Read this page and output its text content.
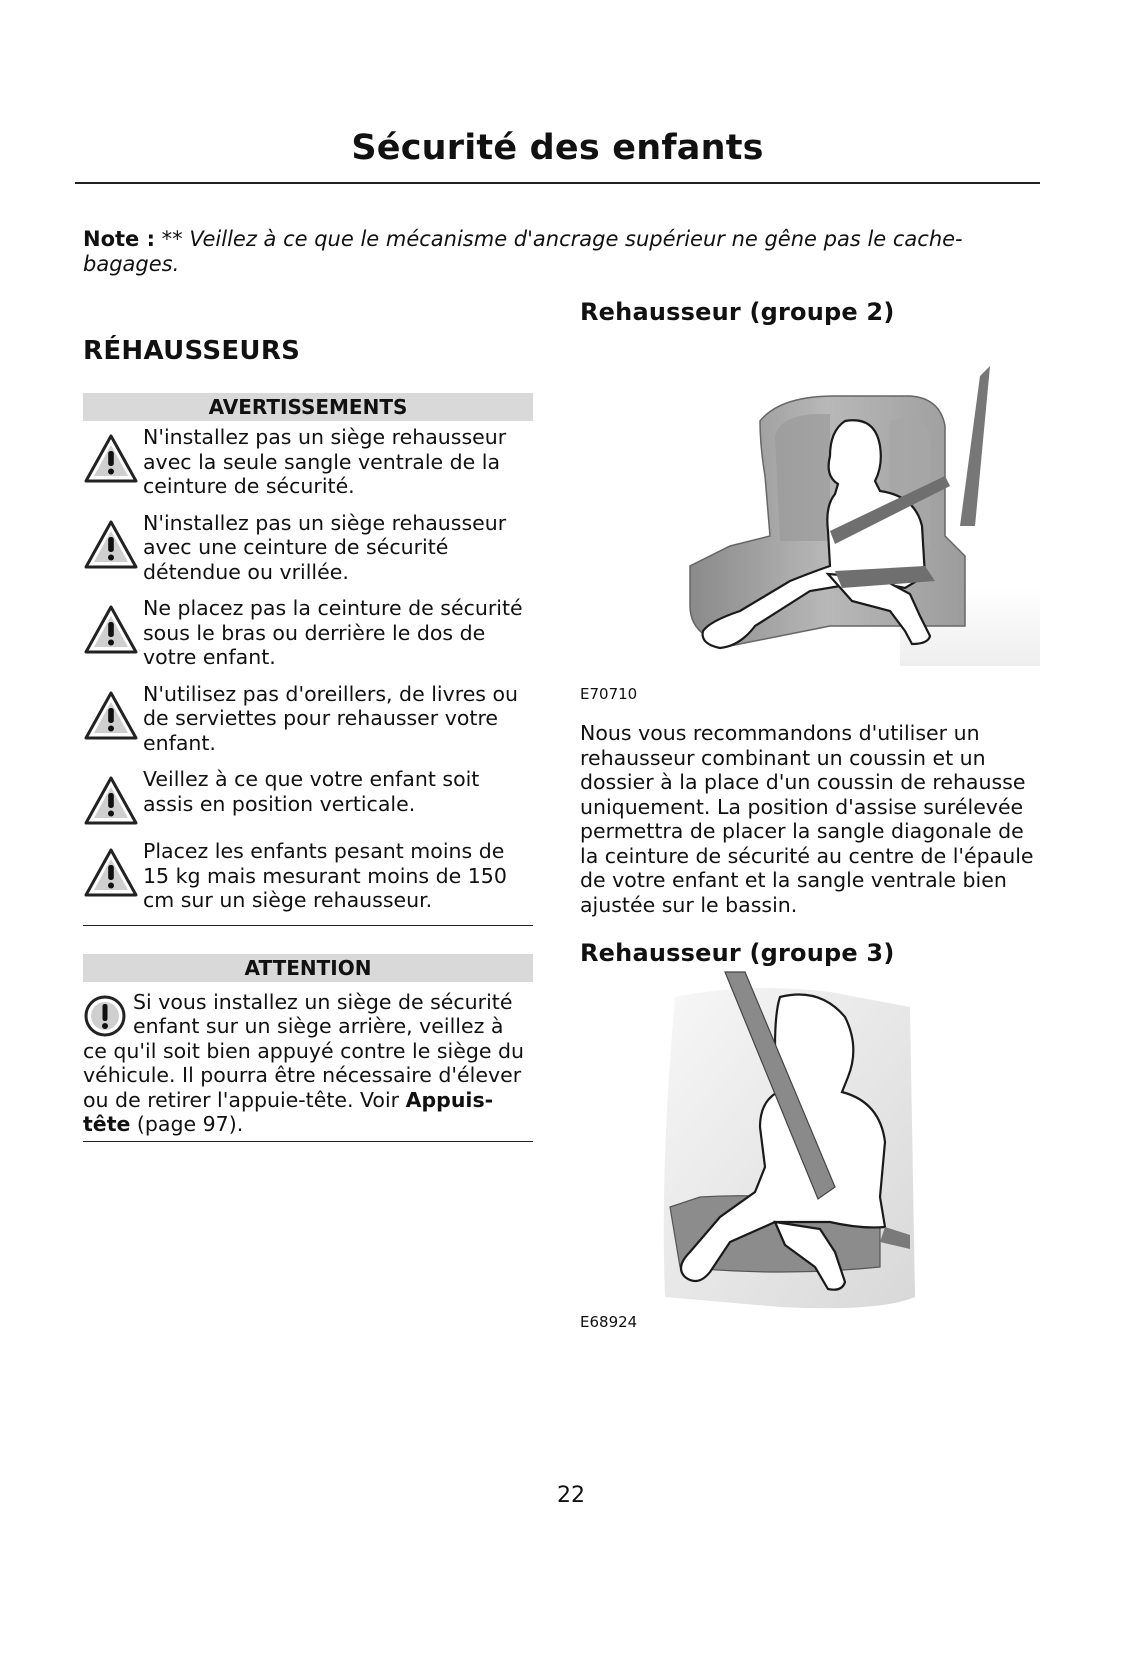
Sécurité des enfants
Note : ** Veillez à ce que le mécanisme d'ancrage supérieur ne gêne pas le cache-bagages.
RÉHAUSSEURS
AVERTISSEMENTS
N'installez pas un siège rehausseur avec la seule sangle ventrale de la ceinture de sécurité.
N'installez pas un siège rehausseur avec une ceinture de sécurité détendue ou vrillée.
Ne placez pas la ceinture de sécurité sous le bras ou derrière le dos de votre enfant.
N'utilisez pas d'oreillers, de livres ou de serviettes pour rehausser votre enfant.
Veillez à ce que votre enfant soit assis en position verticale.
Placez les enfants pesant moins de 15 kg mais mesurant moins de 150 cm sur un siège rehausseur.
ATTENTION
Si vous installez un siège de sécurité enfant sur un siège arrière, veillez à ce qu'il soit bien appuyé contre le siège du véhicule. Il pourra être nécessaire d'élever ou de retirer l'appuie-tête. Voir Appuis-tête (page 97).
Rehausseur (groupe 2)
E70710
Nous vous recommandons d'utiliser un rehausseur combinant un coussin et un dossier à la place d'un coussin de rehausse uniquement. La position d'assise surélevée permettra de placer la sangle diagonale de la ceinture de sécurité au centre de l'épaule de votre enfant et la sangle ventrale bien ajustée sur le bassin.
Rehausseur (groupe 3)
E68924
22
